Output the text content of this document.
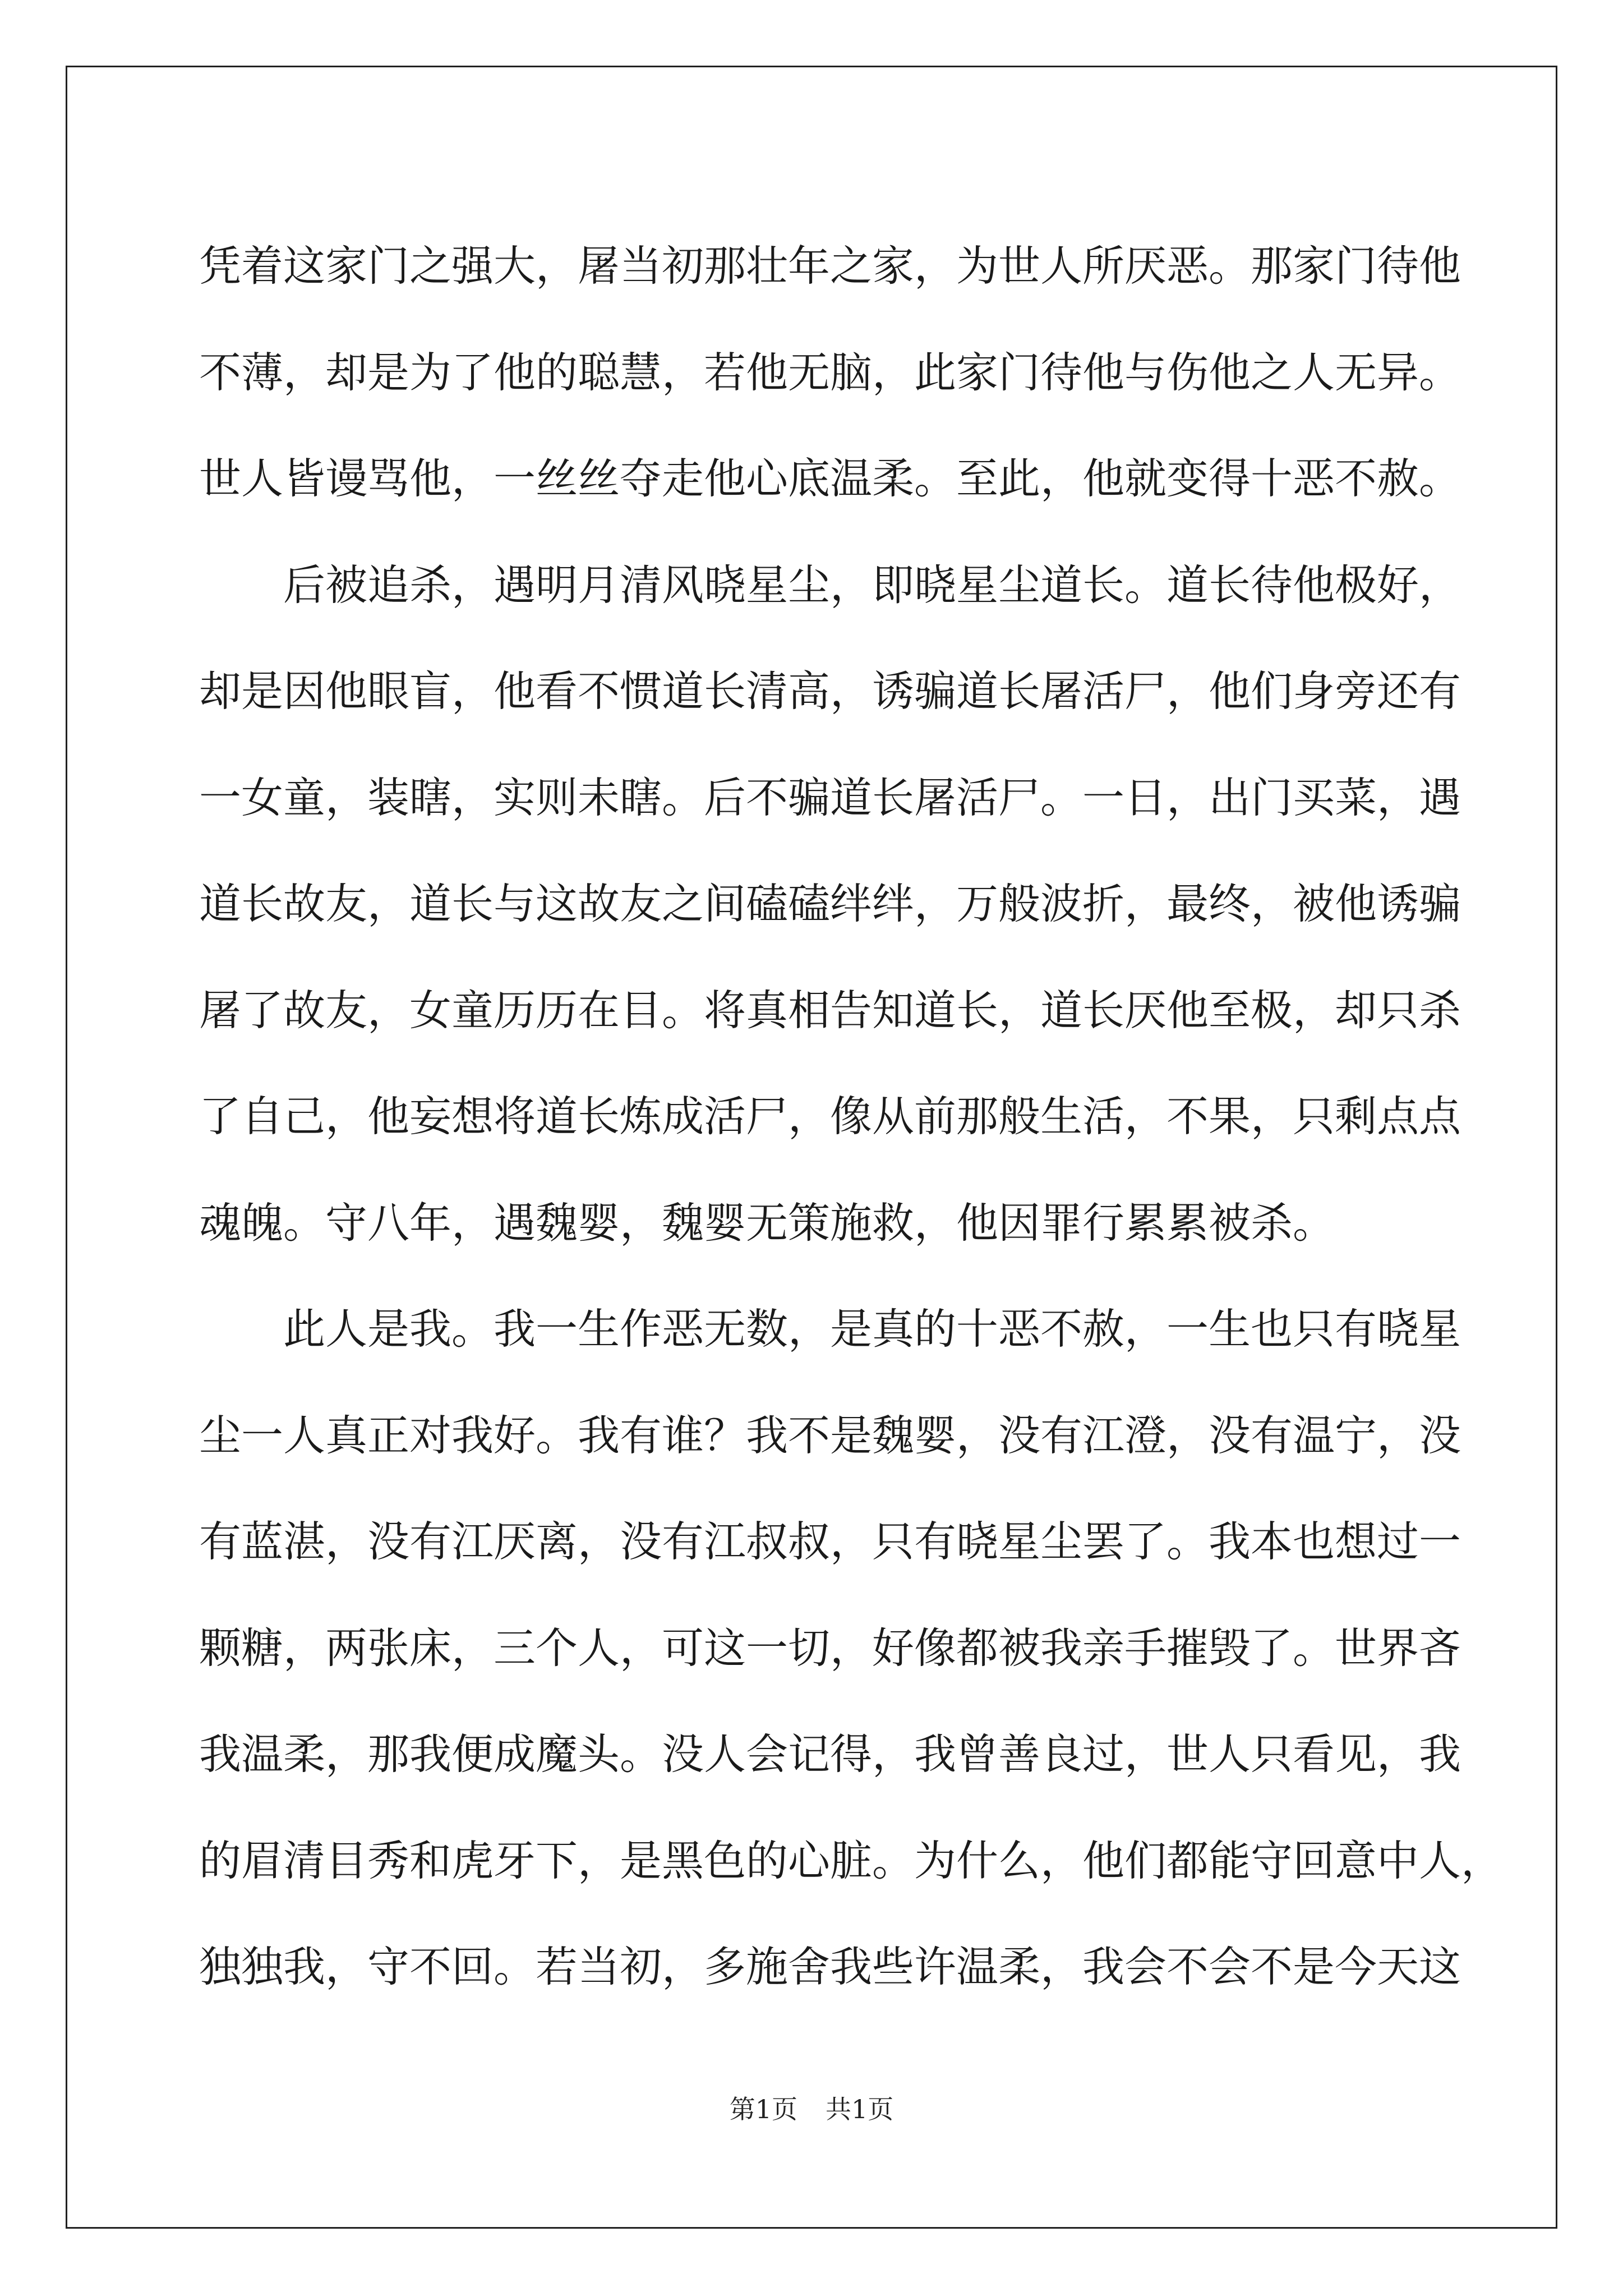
凭着这家门之强大，屠当初那壮年之家，为世人所厌恶。那家门待他
不薄，却是为了他的聪慧，若他无脑，此家门待他与伤他之人无异。
世人皆谩骂他，一丝丝夺走他心底温柔。至此，他就变得十恶不赦。
后被追杀，遇明月清风晓星尘，即晓星尘道长。道长待他极好，
却是因他眼盲，他看不惯道长清高，诱骗道长屠活尸，他们身旁还有
一女童，装瞎，实则未瞎。后不骗道长屠活尸。一日，出门买菜，遇
道长故友，道长与这故友之间磕磕绊绊，万般波折，最终，被他诱骗
屠了故友，女童历历在目。将真相告知道长，道长厌他至极，却只杀
了自己，他妄想将道长炼成活尸，像从前那般生活，不果，只剩点点
魂魄。守八年，遇魏婴，魏婴无策施救，他因罪行累累被杀。
此人是我。我一生作恶无数，是真的十恶不赦，一生也只有晓星
尘一人真正对我好。我有谁？我不是魏婴，没有江澄，没有温宁，没
有蓝湛，没有江厌离，没有江叔叔，只有晓星尘罢了。我本也想过一
颗糖，两张床，三个人，可这一切，好像都被我亲手摧毁了。世界吝
我温柔，那我便成魔头。没人会记得，我曾善良过，世人只看见，我
的眉清目秀和虎牙下，是黑色的心脏。为什么，他们都能守回意中人，
独独我，守不回。若当初，多施舍我些许温柔，我会不会不是今天这
第1页 共1页
